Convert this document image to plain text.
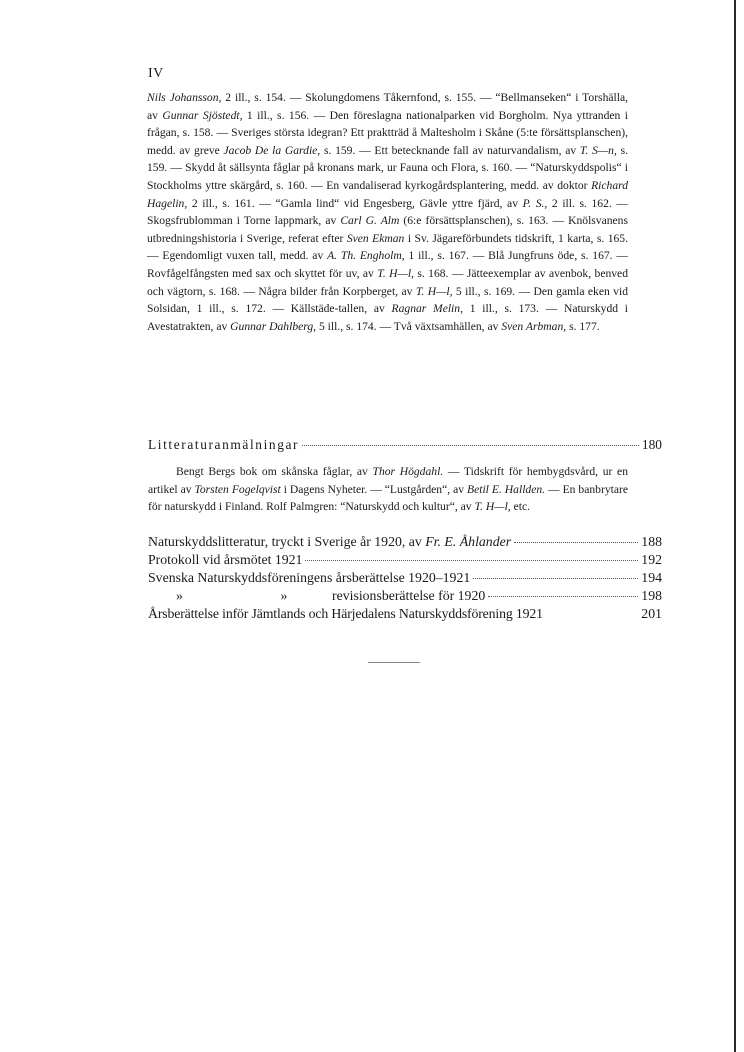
IV
Nils Johansson, 2 ill., s. 154. — Skolungdomens Tåkernfond, s. 155. — “Bellmanseken“ i Torshälla, av Gunnar Sjöstedt, 1 ill., s. 156. — Den föreslagna nationalparken vid Borgholm. Nya yttranden i frågan, s. 158. — Sveriges största idegran? Ett praktträd å Maltesholm i Skåne (5:te försättsplanschen), medd. av greve Jacob De la Gardie, s. 159. — Ett betecknande fall av naturvandalism, av T. S—n, s. 159. — Skydd åt sällsynta fåglar på kronans mark, ur Fauna och Flora, s. 160. — “Naturskyddspolis“ i Stockholms yttre skärgård, s. 160. — En vandaliserad kyrkogårdsplantering, medd. av doktor Richard Hagelin, 2 ill., s. 161. — “Gamla lind“ vid Engesberg, Gävle yttre fjärd, av P. S., 2 ill. s. 162. — Skogsfrublomman i Torne lappmark, av Carl G. Alm (6:e försättsplanschen), s. 163. — Knölsvanens utbredningshistoria i Sverige, referat efter Sven Ekman i Sv. Jägareförbundets tidskrift, 1 karta, s. 165. — Egendomligt vuxen tall, medd. av A. Th. Engholm, 1 ill., s. 167. — Blå Jungfruns öde, s. 167. — Rovfågelfångsten med sax och skyttet för uv, av T. H—l, s. 168. — Jätteexemplar av avenbok, benved och vägtorn, s. 168. — Några bilder från Korpberget, av T. H—l, 5 ill., s. 169. — Den gamla eken vid Solsidan, 1 ill., s. 172. — Källstäde-tallen, av Ragnar Melin, 1 ill., s. 173. — Naturskydd i Avestatrakten, av Gunnar Dahlberg, 5 ill., s. 174. — Två växtsamhällen, av Sven Arbman, s. 177.
Litteraturanmälningar	180
Bengt Bergs bok om skånska fåglar, av Thor Högdahl. — Tidskrift för hembygdsvård, ur en artikel av Torsten Fogelqvist i Dagens Nyheter. — “Lustgården“, av Betil E. Hallden. — En banbrytare för naturskydd i Finland. Rolf Palmgren: “Naturskydd och kultur“, av T. H—l, etc.
Naturskyddslitteratur, tryckt i Sverige år 1920, av Fr. E. Åhlander	188
Protokoll vid årsmötet 1921	192
Svenska Naturskyddsföreningens årsberättelse 1920–1921	194
»	»	revisionsberättelse för 1920	198
Årsberättelse inför Jämtlands och Härjedalens Naturskyddsförening 1921	201
